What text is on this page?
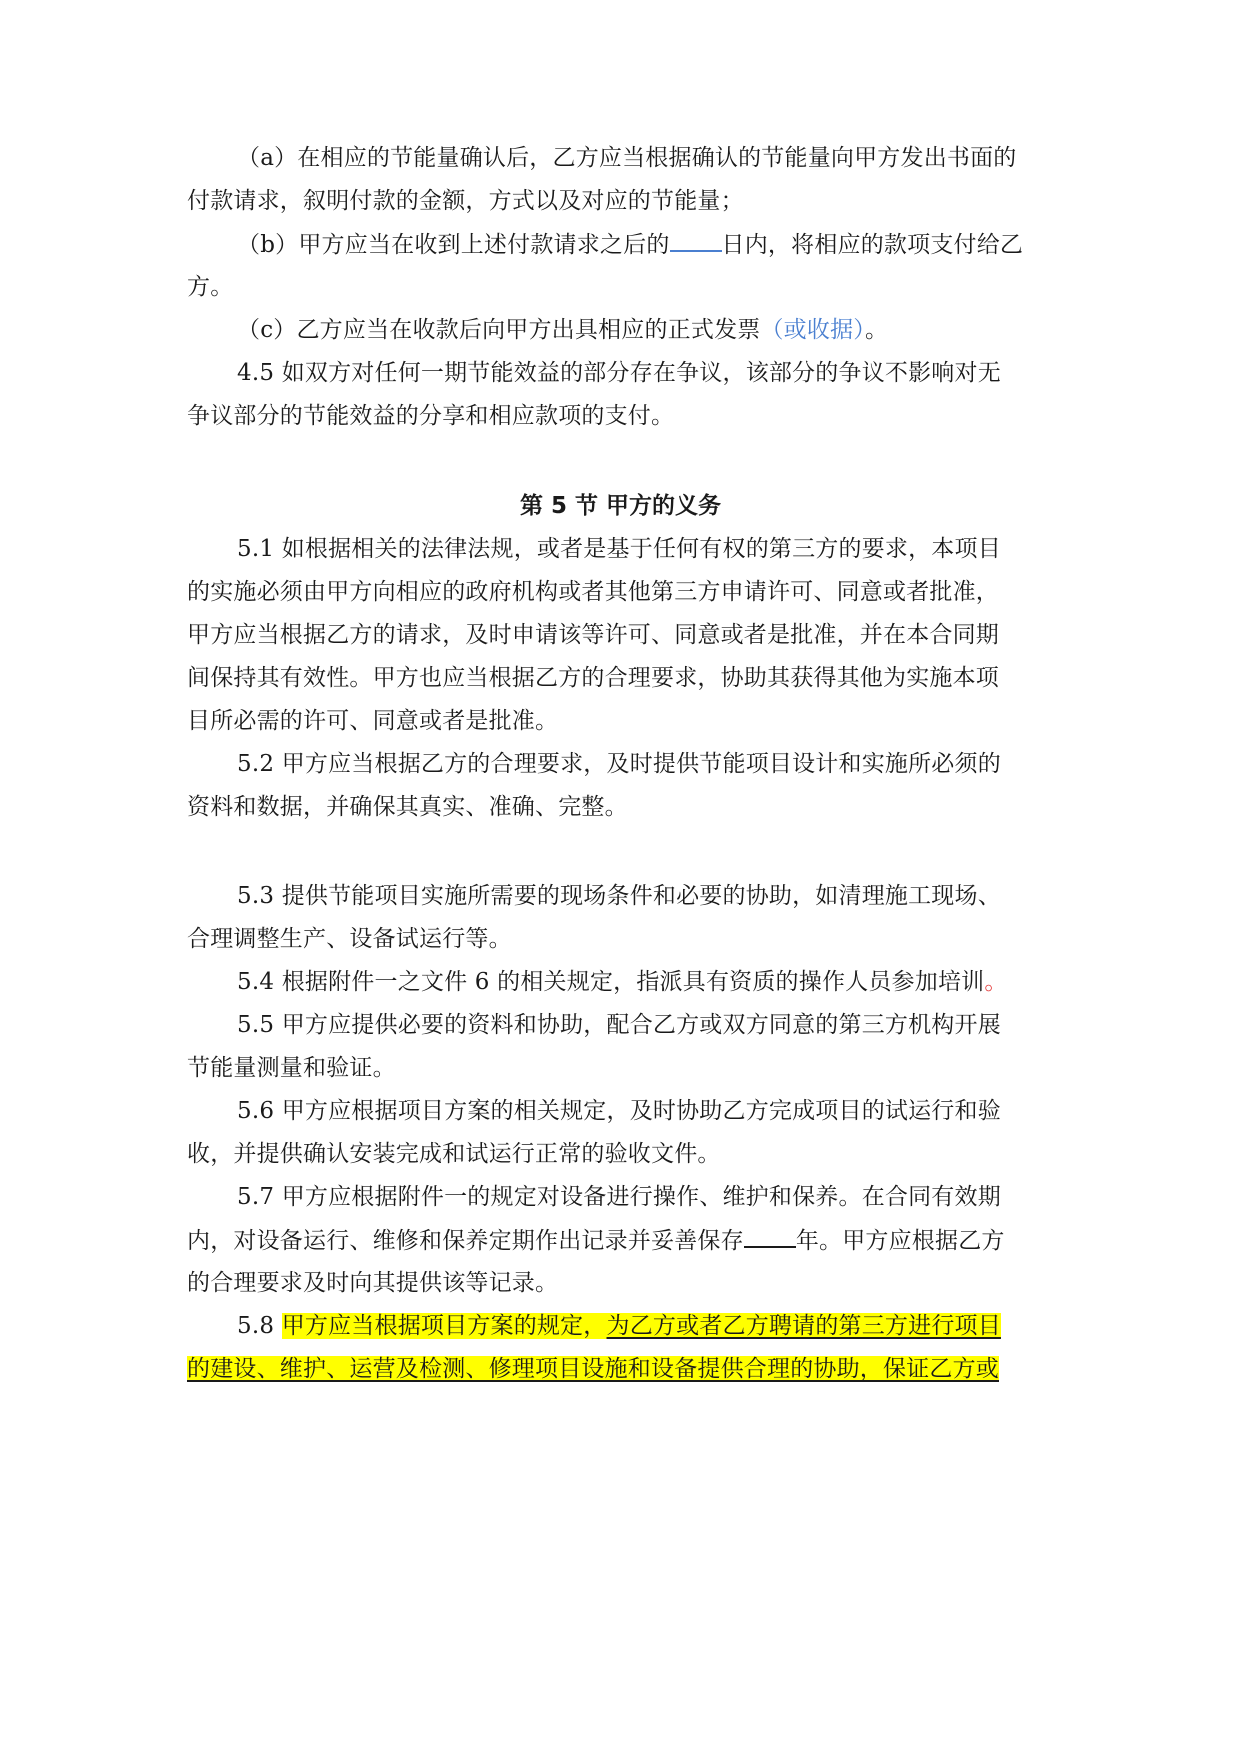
（a）在相应的节能量确认后，乙方应当根据确认的节能量向甲方发出书面的
付款请求，叙明付款的金额，方式以及对应的节能量；
（b）甲方应当在收到上述付款请求之后的 日内，将相应的款项支付给乙
方。
（c）乙方应当在收款后向甲方出具相应的正式发票（或收据）。
4.5 如双方对任何一期节能效益的部分存在争议，该部分的争议不影响对无
争议部分的节能效益的分享和相应款项的支付。
第 5 节 甲方的义务
5.1 如根据相关的法律法规，或者是基于任何有权的第三方的要求，本项目
的实施必须由甲方向相应的政府机构或者其他第三方申请许可、同意或者批准，
甲方应当根据乙方的请求，及时申请该等许可、同意或者是批准，并在本合同期
间保持其有效性。甲方也应当根据乙方的合理要求，协助其获得其他为实施本项
目所必需的许可、同意或者是批准。
5.2 甲方应当根据乙方的合理要求，及时提供节能项目设计和实施所必须的
资料和数据，并确保其真实、准确、完整。
5.3 提供节能项目实施所需要的现场条件和必要的协助，如清理施工现场、
合理调整生产、设备试运行等。
5.4 根据附件一之文件 6 的相关规定，指派具有资质的操作人员参加培训。
5.5 甲方应提供必要的资料和协助，配合乙方或双方同意的第三方机构开展
节能量测量和验证。
5.6 甲方应根据项目方案的相关规定，及时协助乙方完成项目的试运行和验
收，并提供确认安装完成和试运行正常的验收文件。
5.7 甲方应根据附件一的规定对设备进行操作、维护和保养。在合同有效期
内，对设备运行、维修和保养定期作出记录并妥善保存 年。甲方应根据乙方
的合理要求及时向其提供该等记录。
5.8 甲方应当根据项目方案的规定，为乙方或者乙方聘请的第三方进行项目
的建设、维护、运营及检测、修理项目设施和设备提供合理的协助，保证乙方或
